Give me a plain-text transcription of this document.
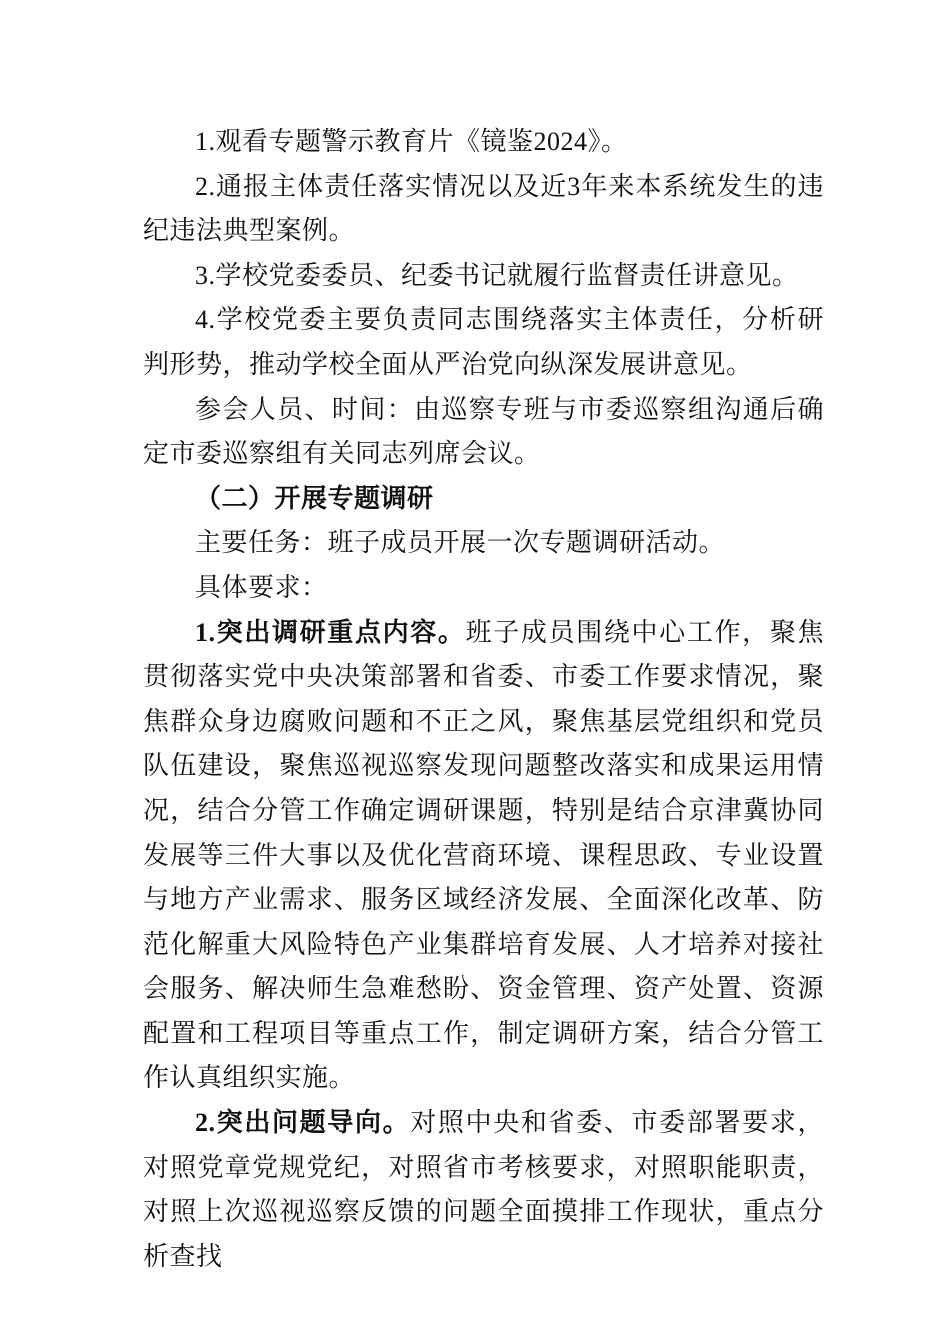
1.观看专题警示教育片《镜鉴2024》。

2.通报主体责任落实情况以及近3年来本系统发生的违纪违法典型案例。

3.学校党委委员、纪委书记就履行监督责任讲意见。

4.学校党委主要负责同志围绕落实主体责任，分析研判形势，推动学校全面从严治党向纵深发展讲意见。

参会人员、时间：由巡察专班与市委巡察组沟通后确定市委巡察组有关同志列席会议。

（二）开展专题调研

主要任务：班子成员开展一次专题调研活动。

具体要求：

1.突出调研重点内容。班子成员围绕中心工作，聚焦贯彻落实党中央决策部署和省委、市委工作要求情况，聚焦群众身边腐败问题和不正之风，聚焦基层党组织和党员队伍建设，聚焦巡视巡察发现问题整改落实和成果运用情况，结合分管工作确定调研课题，特别是结合京津冀协同发展等三件大事以及优化营商环境、课程思政、专业设置与地方产业需求、服务区域经济发展、全面深化改革、防范化解重大风险特色产业集群培育发展、人才培养对接社会服务、解决师生急难愁盼、资金管理、资产处置、资源配置和工程项目等重点工作，制定调研方案，结合分管工作认真组织实施。

2.突出问题导向。对照中央和省委、市委部署要求，对照党章党规党纪，对照省市考核要求，对照职能职责，对照上次巡视巡察反馈的问题全面摸排工作现状，重点分析查找
